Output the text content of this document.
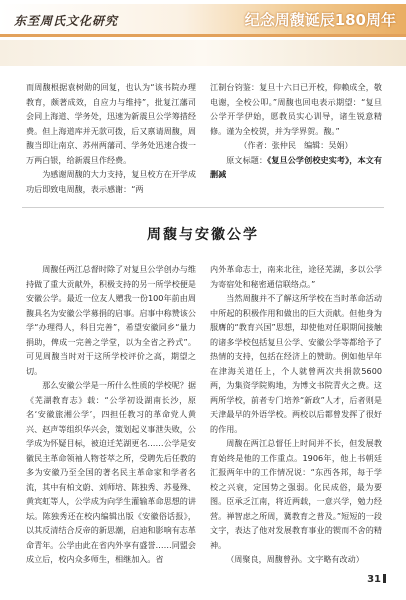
东至周氏文化研究	纪念周馥诞辰180周年

而周馥根据袁树勋的回复，也认为“该书院办理教育，颇著成效，自应力与维持”，批复江藩司会同上海道、学务处，迅速为新震旦公学筹措经费。但上海道库并无款可拨，后又禀请周馥，周馥当即让南京、苏州两藩司、学务处迅速合拨一万两白银，给新震旦作经费。

为感谢周馥的大力支持，复旦校方在开学成功后即致电周馥，表示感谢：“两

江制台钧鉴：复旦十六日已开校，仰赖成全，敬电谢，全校公叩。”周馥也回电表示期望：“复旦公学开学伊始，愿教员实心训导，诸生锐意精修。谨为全校贺，并为学界贺。馥。”

（作者：张仲民　编辑：吴娟）

原文标题：《复旦公学创校史实考》，本文有删减

周馥与安徽公学

周馥任两江总督时除了对复旦公学创办与维持做了重大贡献外，积极支持的另一所学校便是安徽公学。最近一位友人赠我一份100年前由周馥具名为安徽公学募捐的启事。启事中称赞该公学“办理得人，科目完善”，希望安徽同乡“量力捐助，俾成一完善之学堂，以为全省之矜式”。可见周馥当时对于这所学校评价之高，期望之切。

那么安徽公学是一所什么性质的学校呢？据《芜湖教育志》载：“公学初设湖南长沙，原名‘安徽旅湘公学’，四担任教习的革命党人黄兴、赵声等组织华兴会，策划起义事泄失败，公学成为怀疑目标，被迫迁芜湖更名……公学是安徽民主革命领袖人物苍萃之所，受聘先后任教的多为安徽乃至全国的著名民主革命家和学者名流，其中有柏文蔚、刘师培、陈独秀、苏曼殊、黄宾虹等人，公学成为向学生灌输革命思想的讲坛。陈独秀还在校内编辑出版《安徽俗话报》，以其反清结合反帝的新思潮，启迪和影响有志革命青年。公学由此在省内外享有盛誉……同盟会成立后，校内众多师生，相继加入。省

内外革命志士，南来北往，途径芜湖，多以公学为寄宿处和秘密通信联络点。”

当然周馥并不了解这所学校在当时革命活动中所起的积极作用和做出的巨大贡献。但他身为服膺的“教育兴国”思想，却使他对任职期间接触的诸多学校包括复旦公学、安徽公学等都给予了热情的支持，包括在经济上的赞助。例如他早年在津海关道任上，个人就曾两次共捐款5600两，为集资学院购地，为博文书院青火之费。这两所学校，前者专门培养“新政”人才，后者则是天津最早的外语学校。两校以后都曾发挥了很好的作用。

周馥在两江总督任上时间并不长，但发展教育始终是他的工作重点。1906年，他上书朝廷汇报两年中的工作情况说：“东西各邦，每于学校之兴衰，定国势之强弱。化民成俗，最为要图。臣承乏江南，将近两载，一意兴学，勉力经营。禅智虑之所周，冀教育之普及。”短短的一段文字，表达了他对发展教育事业的锲而不舍的精神。

（周聚良，周馥曾孙。文字略有改动）

31
